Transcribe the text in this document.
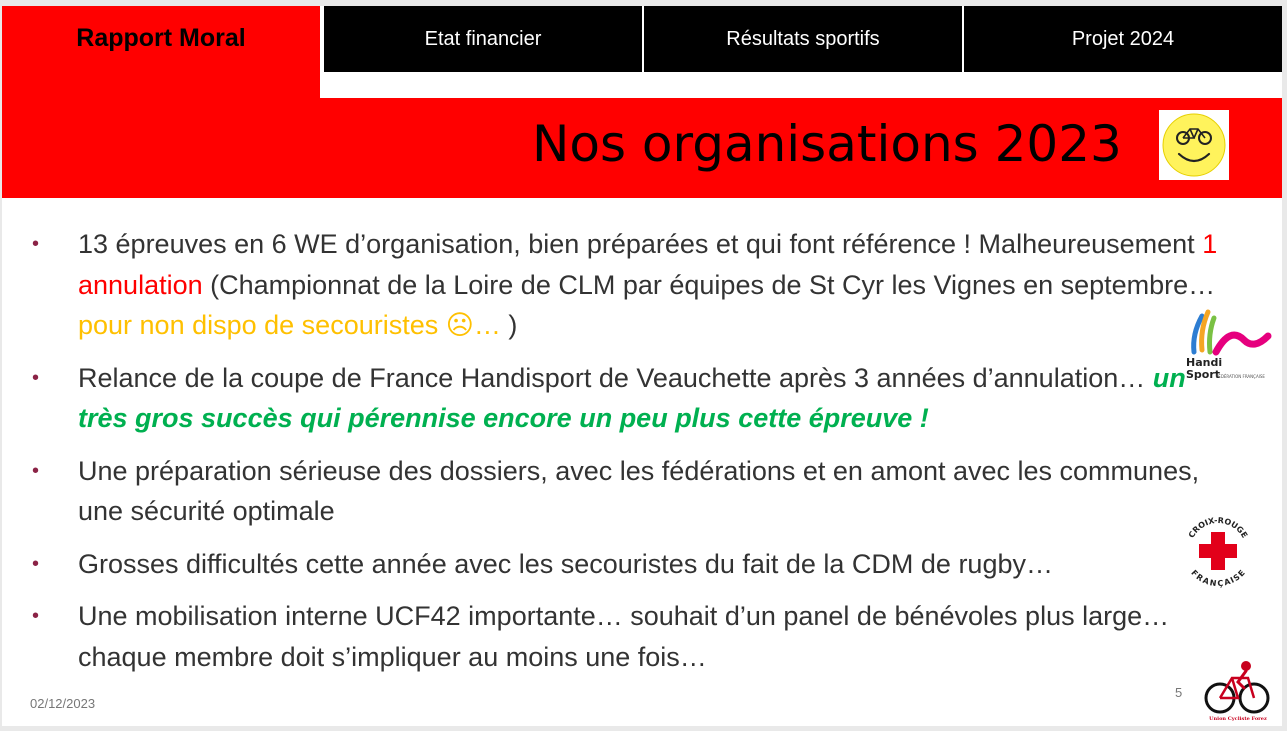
Rapport Moral	Etat financier	Résultats sportifs	Projet 2024
Nos organisations 2023
• 13 épreuves en 6 WE d’organisation, bien préparées et qui font référence ! Malheureusement 1 annulation (Championnat de la Loire de CLM par équipes de St Cyr les Vignes en septembre… pour non dispo de secouristes ☹… )
• Relance de la coupe de France Handisport de Veauchette après 3 années d’annulation… un très gros succès qui pérennise encore un peu plus cette épreuve !
• Une préparation sérieuse des dossiers, avec les fédérations et en amont avec les communes, une sécurité optimale
• Grosses difficultés cette année avec les secouristes du fait de la CDM de rugby…
• Une mobilisation interne UCF42 importante… souhait d’un panel de bénévoles plus large… chaque membre doit s’impliquer au moins une fois…
Handi
Sport
FÉDÉRATION FRANÇAISE
CROIX-ROUGE
FRANÇAISE
02/12/2023
5
Union Cycliste Forez
